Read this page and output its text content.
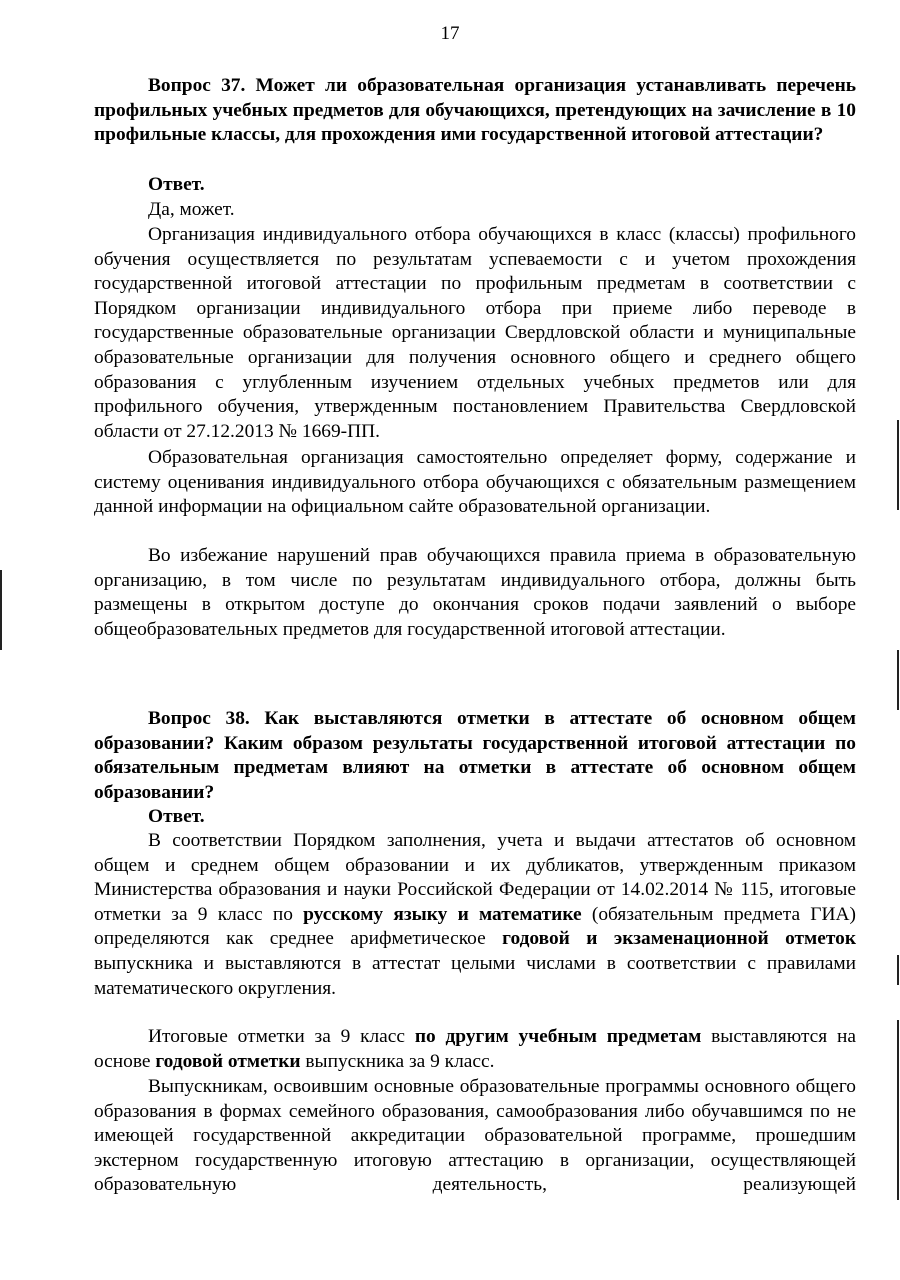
17

Вопрос 37. Может ли образовательная организация устанавливать перечень профильных учебных предметов для обучающихся, претендующих на зачисление в 10 профильные классы, для прохождения ими государственной итоговой аттестации?

Ответ.

Да, может.

Организация индивидуального отбора обучающихся в класс (классы) профильного обучения осуществляется по результатам успеваемости с и учетом прохождения государственной итоговой аттестации по профильным предметам в соответствии с Порядком организации индивидуального отбора при приеме либо переводе в государственные образовательные организации Свердловской области и муниципальные образовательные организации для получения основного общего и среднего общего образования с углубленным изучением отдельных учебных предметов или для профильного обучения, утвержденным постановлением Правительства Свердловской области от 27.12.2013 № 1669-ПП.

Образовательная организация самостоятельно определяет форму, содержание и систему оценивания индивидуального отбора обучающихся с обязательным размещением данной информации на официальном сайте образовательной организации.

Во избежание нарушений прав обучающихся правила приема в образовательную организацию, в том числе по результатам индивидуального отбора, должны быть размещены в открытом доступе до окончания сроков подачи заявлений о выборе общеобразовательных предметов для государственной итоговой аттестации.

Вопрос 38. Как выставляются отметки в аттестате об основном общем образовании? Каким образом результаты государственной итоговой аттестации по обязательным предметам влияют на отметки в аттестате об основном общем образовании?

Ответ.

В соответствии Порядком заполнения, учета и выдачи аттестатов об основном общем и среднем общем образовании и их дубликатов, утвержденным приказом Министерства образования и науки Российской Федерации от 14.02.2014 № 115, итоговые отметки за 9 класс по русскому языку и математике (обязательным предмета ГИА) определяются как среднее арифметическое годовой и экзаменационной отметок выпускника и выставляются в аттестат целыми числами в соответствии с правилами математического округления.

Итоговые отметки за 9 класс по другим учебным предметам выставляются на основе годовой отметки выпускника за 9 класс.

Выпускникам, освоившим основные образовательные программы основного общего образования в формах семейного образования, самообразования либо обучавшимся по не имеющей государственной аккредитации образовательной программе, прошедшим экстерном государственную итоговую аттестацию в организации, осуществляющей образовательную деятельность, реализующей
